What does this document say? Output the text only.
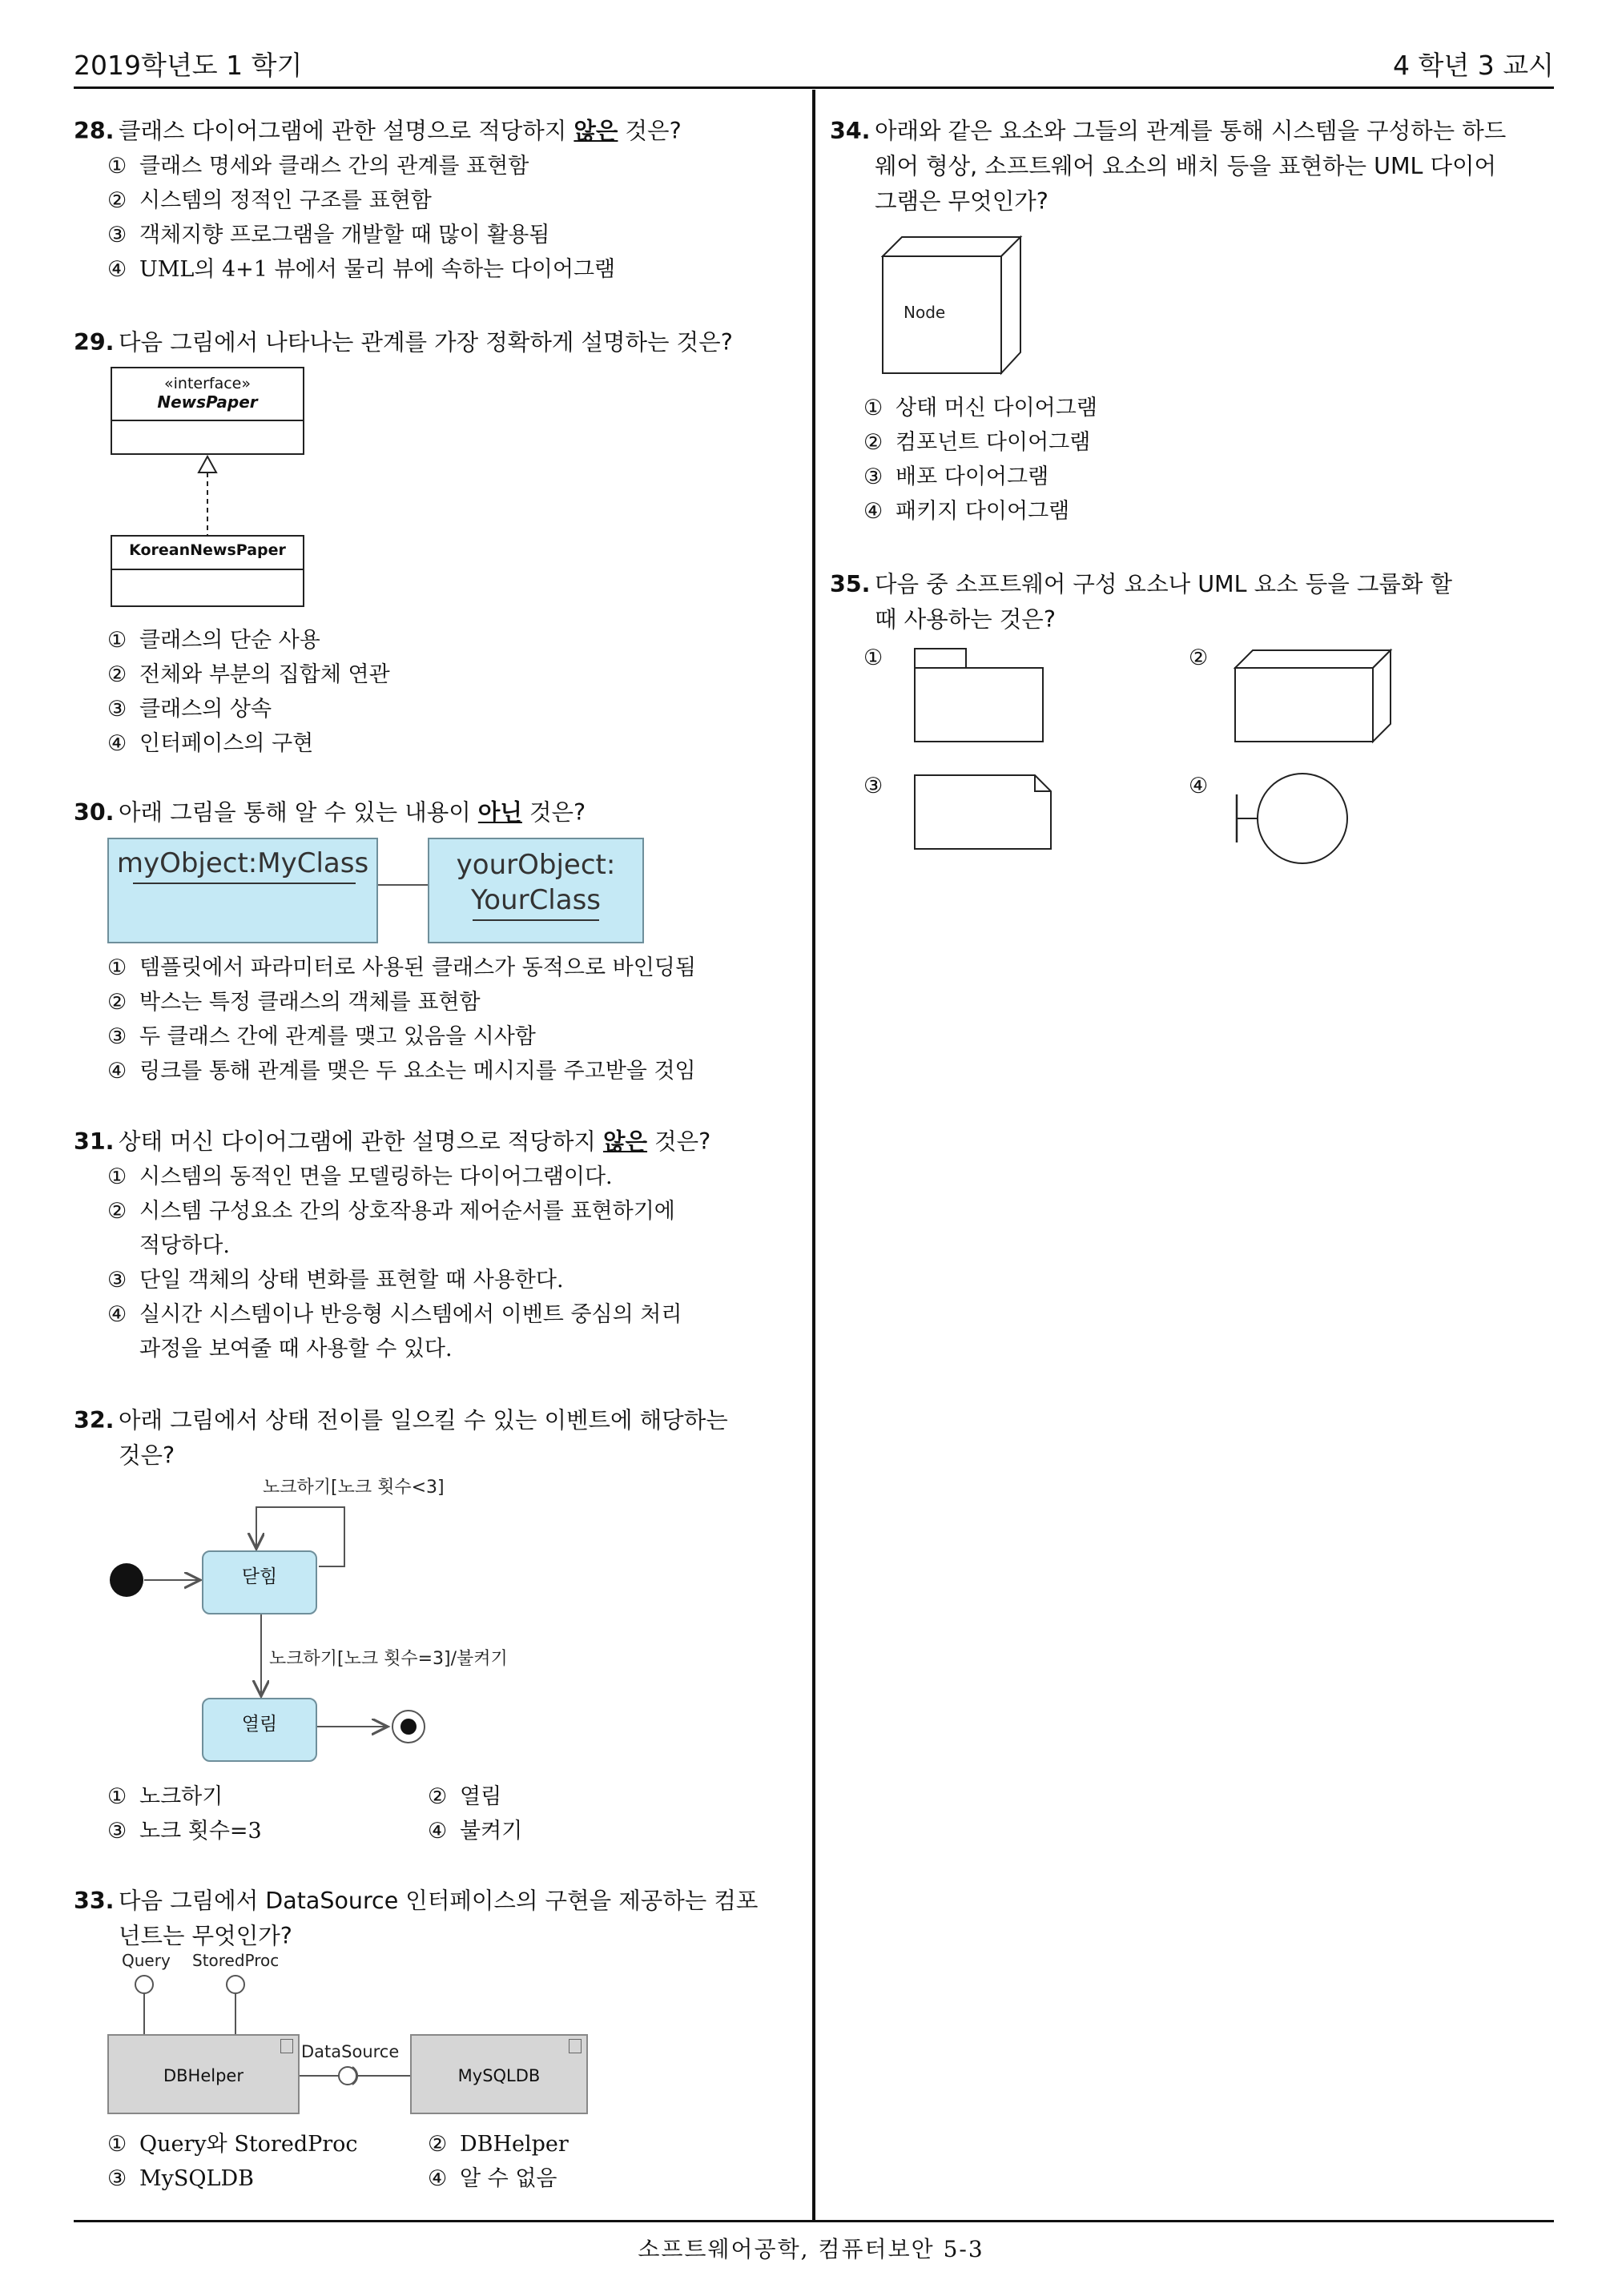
2019학년도 1 학기	4 학년 3 교시
28. 클래스 다이어그램에 관한 설명으로 적당하지 않은 것은?
① 클래스 명세와 클래스 간의 관계를 표현함
② 시스템의 정적인 구조를 표현함
③ 객체지향 프로그램을 개발할 때 많이 활용됨
④ UML의 4+1 뷰에서 물리 뷰에 속하는 다이어그램
29. 다음 그림에서 나타나는 관계를 가장 정확하게 설명하는 것은?
«interface»
NewsPaper
KoreanNewsPaper
① 클래스의 단순 사용
② 전체와 부분의 집합체 연관
③ 클래스의 상속
④ 인터페이스의 구현
30. 아래 그림을 통해 알 수 있는 내용이 아닌 것은?
myObject:MyClass	yourObject:
YourClass
① 템플릿에서 파라미터로 사용된 클래스가 동적으로 바인딩됨
② 박스는 특정 클래스의 객체를 표현함
③ 두 클래스 간에 관계를 맺고 있음을 시사함
④ 링크를 통해 관계를 맺은 두 요소는 메시지를 주고받을 것임
31. 상태 머신 다이어그램에 관한 설명으로 적당하지 않은 것은?
① 시스템의 동적인 면을 모델링하는 다이어그램이다.
② 시스템 구성요소 간의 상호작용과 제어순서를 표현하기에
적당하다.
③ 단일 객체의 상태 변화를 표현할 때 사용한다.
④ 실시간 시스템이나 반응형 시스템에서 이벤트 중심의 처리
과정을 보여줄 때 사용할 수 있다.
32. 아래 그림에서 상태 전이를 일으킬 수 있는 이벤트에 해당하는
것은?
노크하기[노크 횟수<3]
닫힘
노크하기[노크 횟수=3]/불켜기
열림
① 노크하기	② 열림
③ 노크 횟수=3	④ 불켜기
33. 다음 그림에서 DataSource 인터페이스의 구현을 제공하는 컴포
넌트는 무엇인가?
Query StoredProc
DBHelper
DataSource
MySQLDB
① Query와 StoredProc	② DBHelper
③ MySQLDB	④ 알 수 없음
34. 아래와 같은 요소와 그들의 관계를 통해 시스템을 구성하는 하드
웨어 형상, 소프트웨어 요소의 배치 등을 표현하는 UML 다이어
그램은 무엇인가?
Node
① 상태 머신 다이어그램
② 컴포넌트 다이어그램
③ 배포 다이어그램
④ 패키지 다이어그램
35. 다음 중 소프트웨어 구성 요소나 UML 요소 등을 그룹화 할
때 사용하는 것은?
①	②
③	④
소프트웨어공학, 컴퓨터보안 5-3
